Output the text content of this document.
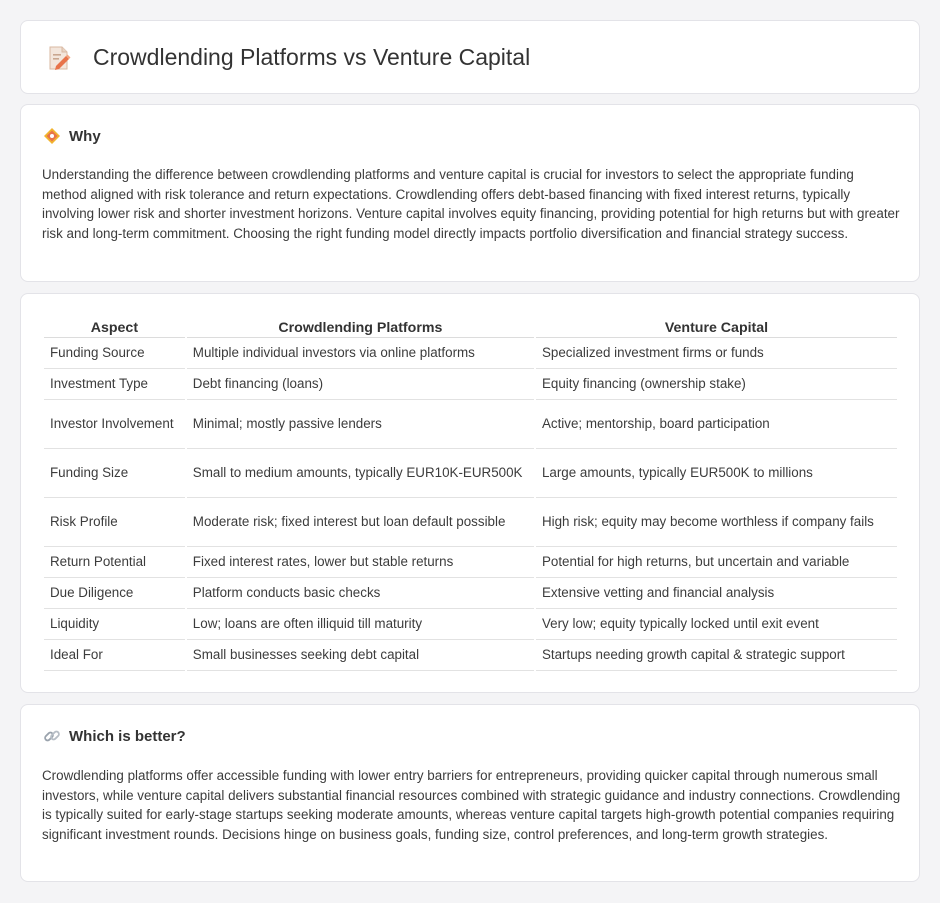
Crowdlending Platforms vs Venture Capital
Why

Understanding the difference between crowdlending platforms and venture capital is crucial for investors to select the appropriate funding method aligned with risk tolerance and return expectations. Crowdlending offers debt-based financing with fixed interest returns, typically involving lower risk and shorter investment horizons. Venture capital involves equity financing, providing potential for high returns but with greater risk and long-term commitment. Choosing the right funding model directly impacts portfolio diversification and financial strategy success.

Aspect	Crowdlending Platforms	Venture Capital
Funding Source	Multiple individual investors via online platforms	Specialized investment firms or funds
Investment Type	Debt financing (loans)	Equity financing (ownership stake)
Investor Involvement	Minimal; mostly passive lenders	Active; mentorship, board participation
Funding Size	Small to medium amounts, typically EUR10K-EUR500K	Large amounts, typically EUR500K to millions
Risk Profile	Moderate risk; fixed interest but loan default possible	High risk; equity may become worthless if company fails
Return Potential	Fixed interest rates, lower but stable returns	Potential for high returns, but uncertain and variable
Due Diligence	Platform conducts basic checks	Extensive vetting and financial analysis
Liquidity	Low; loans are often illiquid till maturity	Very low; equity typically locked until exit event
Ideal For	Small businesses seeking debt capital	Startups needing growth capital & strategic support
Which is better?

Crowdlending platforms offer accessible funding with lower entry barriers for entrepreneurs, providing quicker capital through numerous small investors, while venture capital delivers substantial financial resources combined with strategic guidance and industry connections. Crowdlending is typically suited for early-stage startups seeking moderate amounts, whereas venture capital targets high-growth potential companies requiring significant investment rounds. Decisions hinge on business goals, funding size, control preferences, and long-term growth strategies.
